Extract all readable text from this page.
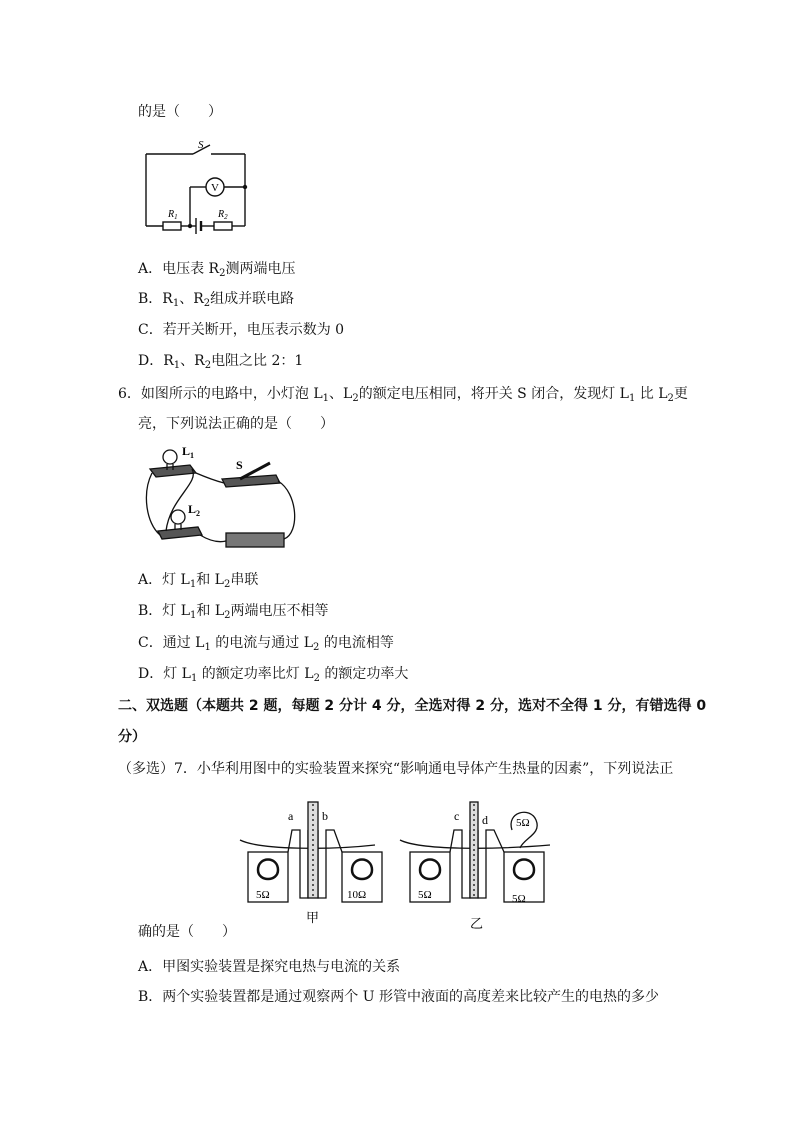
的是（　　）
S
V
$R_1$	$R_2$
A．电压表 $R_2$测两端电压
B．$R_1$、$R_2$组成并联电路
C．若开关断开，电压表示数为 0
D．$R_1$、$R_2$电阻之比 2：1
6．如图所示的电路中，小灯泡 $L_1$、$L_2$的额定电压相同，将开关 S 闭合，发现灯 $L_1$ 比 $L_2$更
亮，下列说法正确的是（　　）
$L_1$
$L_2$
S
A．灯 $L_1$和 $L_2$串联
B．灯 $L_1$和 $L_2$两端电压不相等
C．通过 $L_1$ 的电流与通过 $L_2$ 的电流相等
D．灯 $L_1$ 的额定功率比灯 $L_2$ 的额定功率大
二、双选题（本题共 2 题，每题 2 分计 4 分，全选对得 2 分，选对不全得 1 分，有错选得 0
分）
（多选）7．小华利用图中的实验装置来探究“影响通电导体产生热量的因素”，下列说法正
a b
5Ω	10Ω
甲
c d	5Ω
5Ω	5Ω
乙
确的是（　　）
A．甲图实验装置是探究电热与电流的关系
B．两个实验装置都是通过观察两个 U 形管中液面的高度差来比较产生的电热的多少
